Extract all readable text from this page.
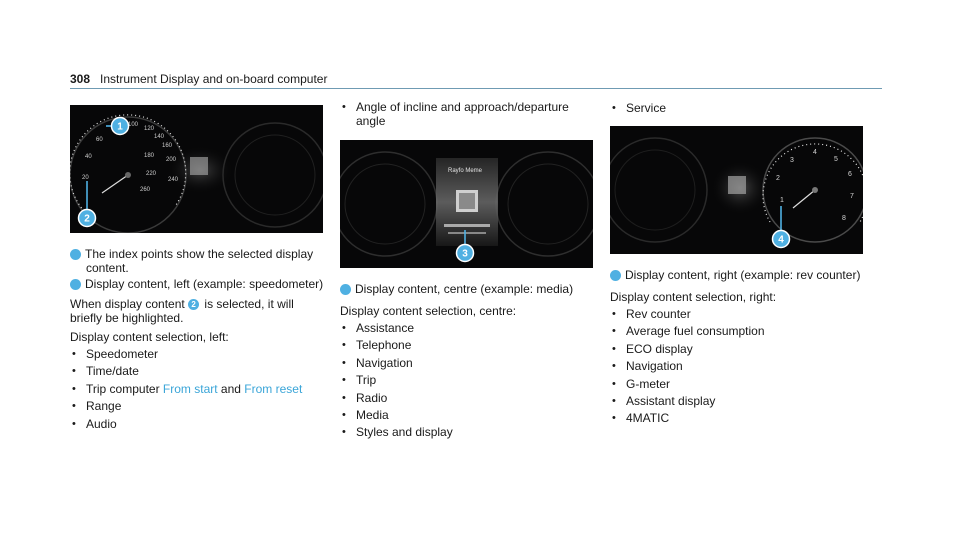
308 Instrument Display and on-board computer
20
40
60
100
120
140
160
180
200
220
240
260
1
2
1 The index points show the selected display content.
2 Display content, left (example: speedometer)
When display content 2 is selected, it will briefly be highlighted.
Display content selection, left:
• Speedometer
• Time/date
• Trip computer From start and From reset
• Range
• Audio
• Angle of incline and approach/departure angle
Rayfo Meme
3
3 Display content, centre (example: media)
Display content selection, centre:
• Assistance
• Telephone
• Navigation
• Trip
• Radio
• Media
• Styles and display
• Service
1
2
3
4
5
6
7
8
4
4 Display content, right (example: rev counter)
Display content selection, right:
• Rev counter
• Average fuel consumption
• ECO display
• Navigation
• G-meter
• Assistant display
• 4MATIC
